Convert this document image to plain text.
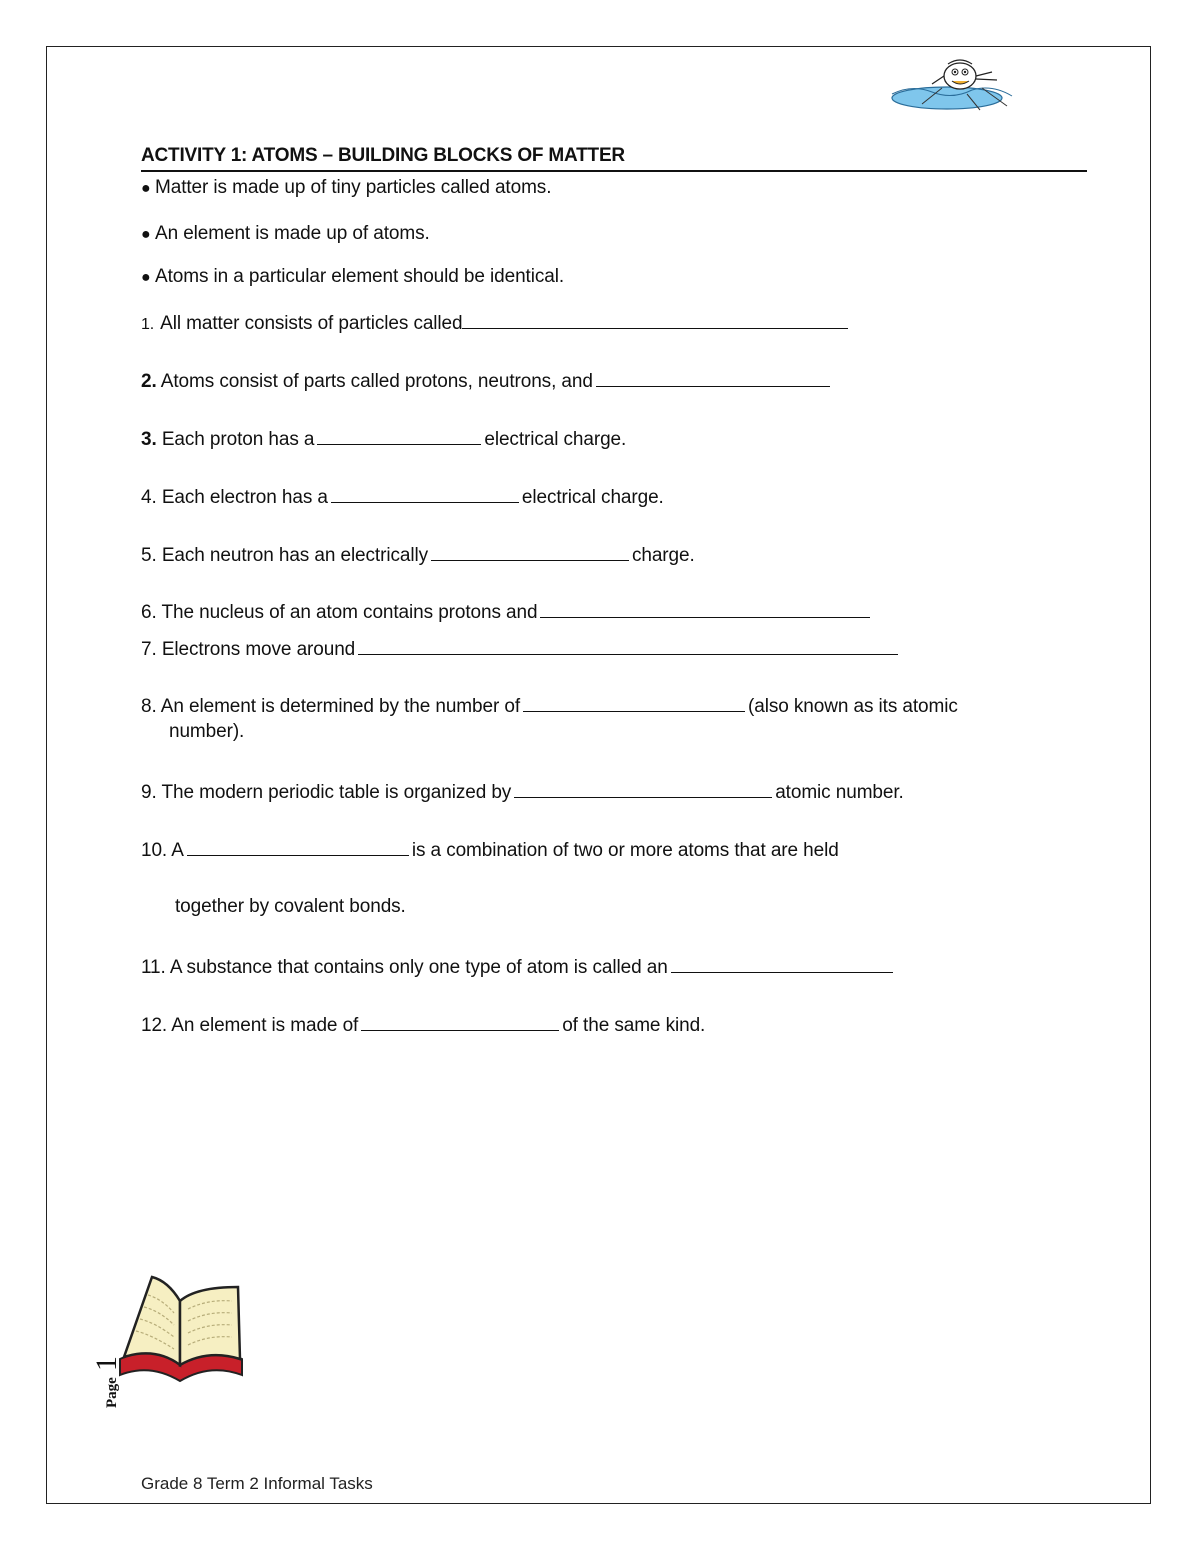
ACTIVITY 1: ATOMS – BUILDING BLOCKS OF MATTER
● Matter is made up of tiny particles called atoms.
● An element is made up of atoms.
● Atoms in a particular element should be identical.
1. All matter consists of particles called
2. Atoms consist of parts called protons, neutrons, and
3. Each proton has a	electrical charge.
4. Each electron has a	electrical charge.
5. Each neutron has an electrically	charge.
6. The nucleus of an atom contains protons and
7. Electrons move around
8. An element is determined by the number of	(also known as its atomic
number).
9. The modern periodic table is organized by	atomic number.
10. A	is a combination of two or more atoms that are held
together by covalent bonds.
11. A substance that contains only one type of atom is called an
12. An element is made of	of the same kind.
Page1
Grade 8 Term 2 Informal Tasks
